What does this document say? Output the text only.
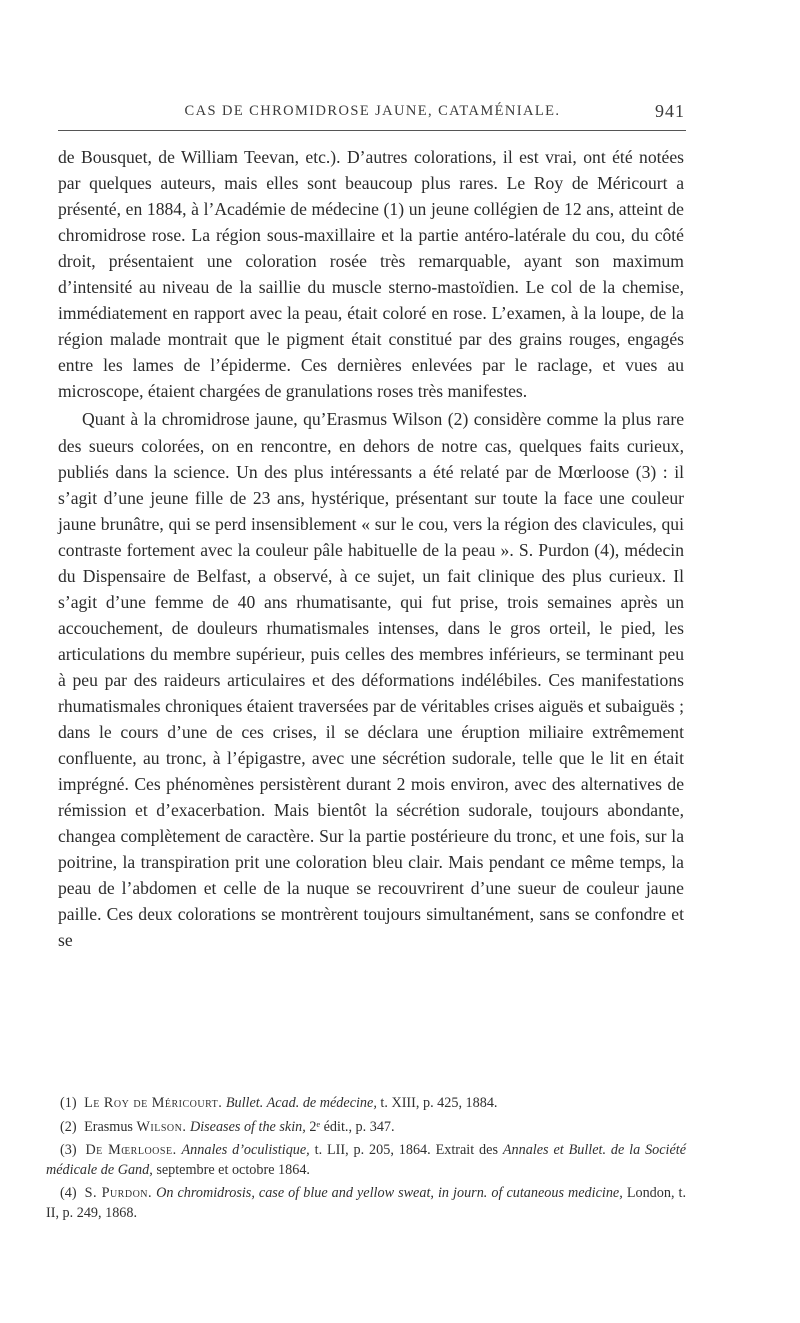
CAS DE CHROMIDROSE JAUNE, CATAMÉNIALE.	941

de Bousquet, de William Teevan, etc.). D’autres colorations, il est vrai, ont été notées par quelques auteurs, mais elles sont beaucoup plus rares. Le Roy de Méricourt a présenté, en 1884, à l’Académie de médecine (1) un jeune collégien de 12 ans, atteint de chromidrose rose. La région sous-maxillaire et la partie antéro-latérale du cou, du côté droit, présentaient une coloration rosée très remarquable, ayant son maximum d’intensité au niveau de la saillie du muscle sterno-mastoïdien. Le col de la chemise, immédiatement en rapport avec la peau, était coloré en rose. L’examen, à la loupe, de la région malade montrait que le pigment était constitué par des grains rouges, engagés entre les lames de l’épiderme. Ces dernières enlevées par le raclage, et vues au microscope, étaient chargées de granulations roses très manifestes.

Quant à la chromidrose jaune, qu’Erasmus Wilson (2) considère comme la plus rare des sueurs colorées, on en rencontre, en dehors de notre cas, quelques faits curieux, publiés dans la science. Un des plus intéressants a été relaté par de Mœrloose (3) : il s’agit d’une jeune fille de 23 ans, hystérique, présentant sur toute la face une couleur jaune brunâtre, qui se perd insensiblement « sur le cou, vers la région des clavicules, qui contraste fortement avec la couleur pâle habituelle de la peau ». S. Purdon (4), médecin du Dispensaire de Belfast, a observé, à ce sujet, un fait clinique des plus curieux. Il s’agit d’une femme de 40 ans rhumatisante, qui fut prise, trois semaines après un accouchement, de douleurs rhumatismales intenses, dans le gros orteil, le pied, les articulations du membre supérieur, puis celles des membres inférieurs, se terminant peu à peu par des raideurs articulaires et des déformations indélébiles. Ces manifestations rhumatismales chroniques étaient traversées par de véritables crises aiguës et subaiguës ; dans le cours d’une de ces crises, il se déclara une éruption miliaire extrêmement confluente, au tronc, à l’épigastre, avec une sécrétion sudorale, telle que le lit en était imprégné. Ces phénomènes persistèrent durant 2 mois environ, avec des alternatives de rémission et d’exacerbation. Mais bientôt la sécrétion sudorale, toujours abondante, changea complètement de caractère. Sur la partie postérieure du tronc, et une fois, sur la poitrine, la transpiration prit une coloration bleu clair. Mais pendant ce même temps, la peau de l’abdomen et celle de la nuque se recouvrirent d’une sueur de couleur jaune paille. Ces deux colorations se montrèrent toujours simultanément, sans se confondre et se

(1) Le Roy de Méricourt. Bullet. Acad. de médecine, t. XIII, p. 425, 1884.

(2) Erasmus Wilson. Diseases of the skin, 2ᵉ édit., p. 347.

(3) De Mœrloose. Annales d’oculistique, t. LII, p. 205, 1864. Extrait des Annales et Bullet. de la Société médicale de Gand, septembre et octobre 1864.

(4) S. Purdon. On chromidrosis, case of blue and yellow sweat, in journ. of cutaneous medicine, London, t. II, p. 249, 1868.
